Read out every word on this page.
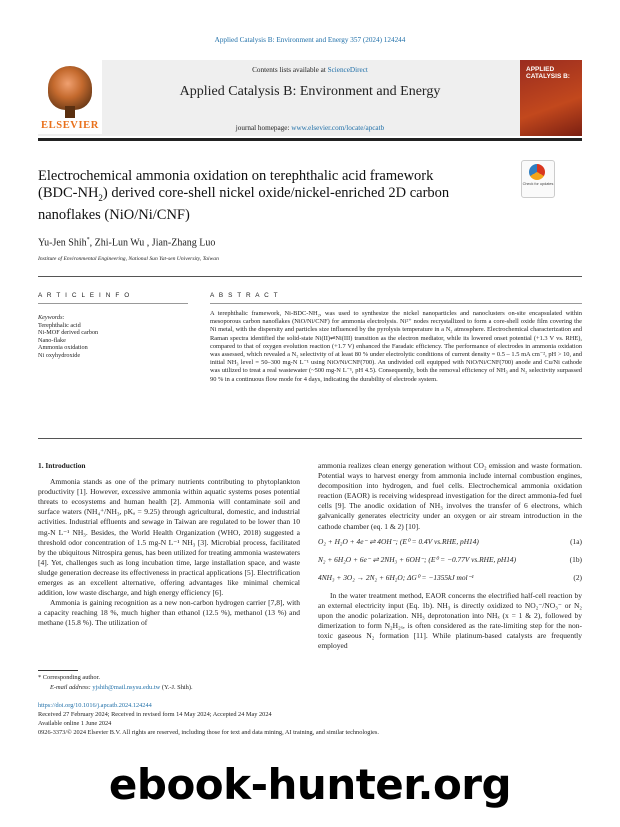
Applied Catalysis B: Environment and Energy 357 (2024) 124244
ELSEVIER
Contents lists available at ScienceDirect
Applied Catalysis B: Environment and Energy
journal homepage: www.elsevier.com/locate/apcatb
APPLIED CATALYSIS B:
Electrochemical ammonia oxidation on terephthalic acid framework
$(BDC-NH_2)$ derived core-shell nickel oxide/nickel-enriched 2D carbon
nanoflakes (NiO/Ni/CNF)
Check for updates
Yu-Jen Shih*, Zhi-Lun Wu , Jian-Zhang Luo
Institute of Environmental Engineering, National Sun Yat-sen University, Taiwan
A R T I C L E I N F O	A B S T R A C T
Keywords:
Terephthalic acid
Ni-MOF derived carbon
Nano-flake
Ammonia oxidation
Ni oxyhydroxide
A terephthalic framework, Ni-BDC-NH₂, was used to synthesize the nickel nanoparticles and nanoclusters on-site encapsulated within mesoporous carbon nanoflakes (NiO/Ni/CNF) for ammonia electrolysis. Ni²⁺ nodes recrystallized to form a core-shell oxide film covering the Ni metal, with the dispersity and particles size influenced by the pyrolysis temperature in a N₂ atmosphere. Electrochemical characterization and Raman spectra identified the solid-state Ni(II)⇌Ni(III) transition as the electron mediator, while its lowered onset potential (+1.3 V vs. RHE), compared to that of oxygen evolution reaction (+1.7 V) enhanced the Faradaic efficiency. The performance of electrodes in ammonia oxidation was assessed, which revealed a N₂ selectivity of at least 80 % under electrolytic conditions of current density = 0.5 – 1.5 mA cm⁻², pH > 10, and initial NH₃ level = 50–300 mg-N L⁻¹ using NiO/Ni/CNF(700). An undivided cell equipped with NiO/Ni/CNF(700) anode and Cu/Ni cathode was utilized to treat a real wastewater (~500 mg-N L⁻¹, pH 4.5). Consequently, both the removal efficiency of NH₃ and N₂ selectivity surpassed 90 % in a continuous flow mode for 4 days, indicating the durability of electrode system.
1. Introduction

Ammonia stands as one of the primary nutrients contributing to phytoplankton productivity [1]. However, excessive ammonia within aquatic systems poses potential threats to ecosystems and human health [2]. Ammonia will contaminate soil and surface waters (NH₄⁺/NH₃, pKₐ = 9.25) through agricultural, domestic, and industrial activities. Industrial effluents and sewage in Taiwan are regulated to be lower than 10 mg-N L⁻¹ NH₃. Besides, the World Health Organization (WHO, 2018) suggested a threshold odor concentration of 1.5 mg-N L⁻¹ NH₃ [3]. Microbial process, facilitated by the ubiquitous Nitrospira genus, has been utilized for treating ammonia wastewaters [4]. Yet, challenges such as long incubation time, large installation space, and waste sludge generation decrease its effectiveness in practical applications [5]. Electrification emerges as an excellent alternative, offering advantages like minimal chemical addition, low waste discharge, and high energy efficiency [6].

Ammonia is gaining recognition as a new non-carbon hydrogen carrier [7,8], with a capacity reaching 18 %, much higher than ethanol (12.5 %), methanol (13 %) and methane (15.8 %). The utilization of

ammonia realizes clean energy generation without CO₂ emission and waste formation. Potential ways to harvest energy from ammonia include internal combustion engines, decomposition into hydrogen, and fuel cells. Electrochemical ammonia oxidation reaction (EAOR) is receiving widespread investigation for the direct ammonia-fed fuel cells [9]. The anodic oxidation of NH₃ involves the transfer of 6 electrons, which galvanically generates electricity under an oxygen or air stream introduction in the cathode chamber (eq. 1 & 2) [10].

O₂ + H₂O + 4e⁻ ⇌ 4OH⁻; (E⁰ = 0.4V vs.RHE, pH14)	(1a)
N₂ + 6H₂O + 6e⁻ ⇌ 2NH₃ + 6OH⁻; (E⁰ = −0.77V vs.RHE, pH14)	(1b)
4NH₃ + 3O₂ → 2N₂ + 6H₂O; ΔG⁰ = −1355kJ mol⁻¹	(2)

In the water treatment method, EAOR concerns the electrified half-cell reaction by an external electricity input (Eq. 1b). NH₃ is directly oxidized to NO₂⁻/NO₃⁻ or N₂ upon the anodic polarization. NH₃ deprotonation into NHₓ (x = 1 & 2), followed by dimerization to form N₂H₂ₓ, is often considered as the rate-limiting step for the non-toxic gaseous N₂ formation [11]. While platinum-based catalysts are frequently employed

* Corresponding author.
E-mail address: yjshih@mail.nsysu.edu.tw (Y.-J. Shih).
https://doi.org/10.1016/j.apcatb.2024.124244
Received 27 February 2024; Received in revised form 14 May 2024; Accepted 24 May 2024
Available online 1 June 2024
0926-3373/© 2024 Elsevier B.V. All rights are reserved, including those for text and data mining, AI training, and similar technologies.
ebook-hunter.org
